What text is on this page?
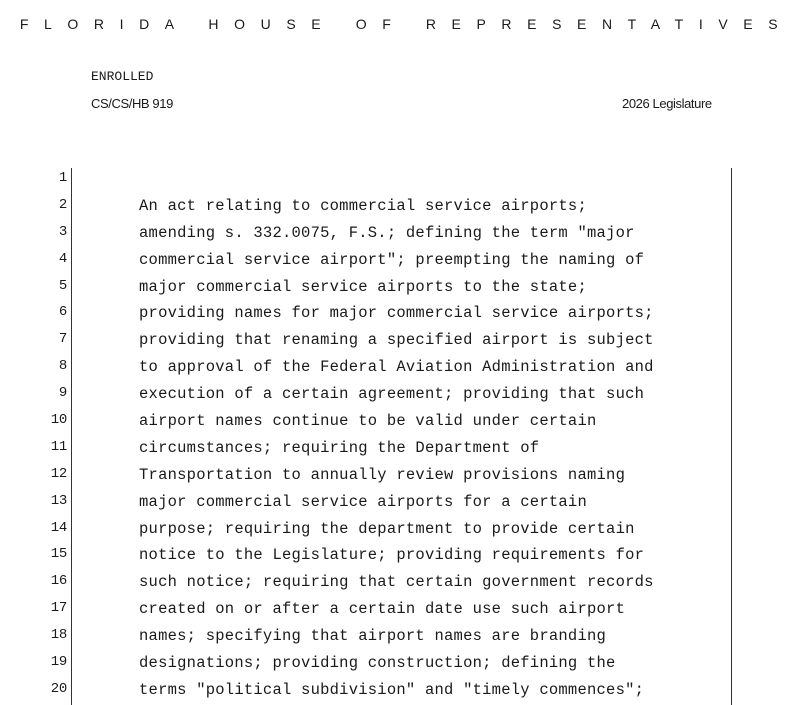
FLORIDA HOUSE OF REPRESENTATIVES
ENROLLED
CS/CS/HB 919	2026 Legislature
1
2	An act relating to commercial service airports;
3	amending s. 332.0075, F.S.; defining the term "major
4	commercial service airport"; preempting the naming of
5	major commercial service airports to the state;
6	providing names for major commercial service airports;
7	providing that renaming a specified airport is subject
8	to approval of the Federal Aviation Administration and
9	execution of a certain agreement; providing that such
10	airport names continue to be valid under certain
11	circumstances; requiring the Department of
12	Transportation to annually review provisions naming
13	major commercial service airports for a certain
14	purpose; requiring the department to provide certain
15	notice to the Legislature; providing requirements for
16	such notice; requiring that certain government records
17	created on or after a certain date use such airport
18	names; specifying that airport names are branding
19	designations; providing construction; defining the
20	terms "political subdivision" and "timely commences";
